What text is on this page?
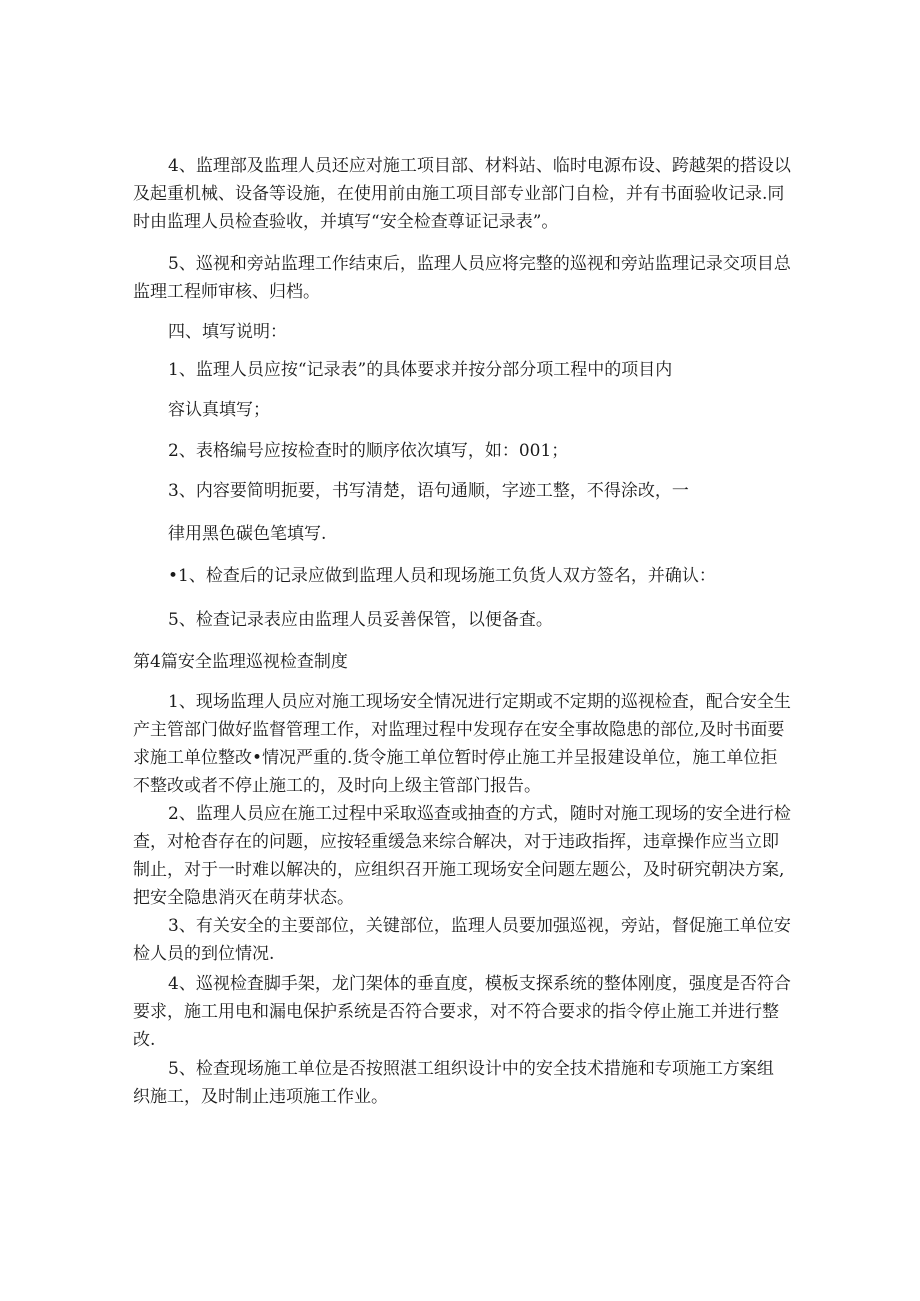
4、监理部及监理人员还应对施工项目部、材料站、临时电源布设、跨越架的搭设以
及起重机械、设备等设施，在使用前由施工项目部专业部门自检，并有书面验收记录.同
时由监理人员检查验收，并填写“安全检查尊证记录表”。

5、巡视和旁站监理工作结束后，监理人员应将完整的巡视和旁站监理记录交项目总
监理工程师审核、归档。

四、填写说明：

1、监理人员应按“记录表”的具体要求并按分部分项工程中的项目内

容认真填写；

2、表格编号应按检查时的顺序依次填写，如：001；

3、内容要简明扼要，书写清楚，语句通顺，字迹工整，不得涂改，一

律用黑色碳色笔填写.

•1、检查后的记录应做到监理人员和现场施工负货人双方签名，并确认：

5、检查记录表应由监理人员妥善保管，以便备査。

第4篇安全监理巡视检查制度

1、现场监理人员应对施工现场安全情况进行定期或不定期的巡视检査，配合安全生
产主管部门做好监督管理工作，对监理过程中发现存在安全事故隐患的部位,及时书面要
求施工单位整改•情况严重的.货令施工单位暂时停止施工并呈报建设单位，施工单位拒
不整改或者不停止施工的，及时向上级主管部门报告。

2、监理人员应在施工过程中采取巡查或抽查的方式，随时对施工现场的安全进行检
查，对枪杳存在的问题，应按轻重缓急来综合解决，对于违政指挥，违章操作应当立即
制止，对于一时难以解决的，应组织召开施工现场安全问题左题公，及时研究朝决方案,
把安全隐患消灭在萌芽状态。

3、有关安全的主要部位，关键部位，监理人员要加强巡视，旁站，督促施工单位安
检人员的到位情况.

4、巡视检査脚手架，龙门架体的垂直度，模板支探系统的整体刚度，强度是否符合
要求，施工用电和漏电保护系统是否符合要求，对不符合要求的指令停止施工并进行整
改.

5、检查现场施工单位是否按照湛工组织设计中的安全技术措施和专项施工方案组
织施工，及时制止违项施工作业。
